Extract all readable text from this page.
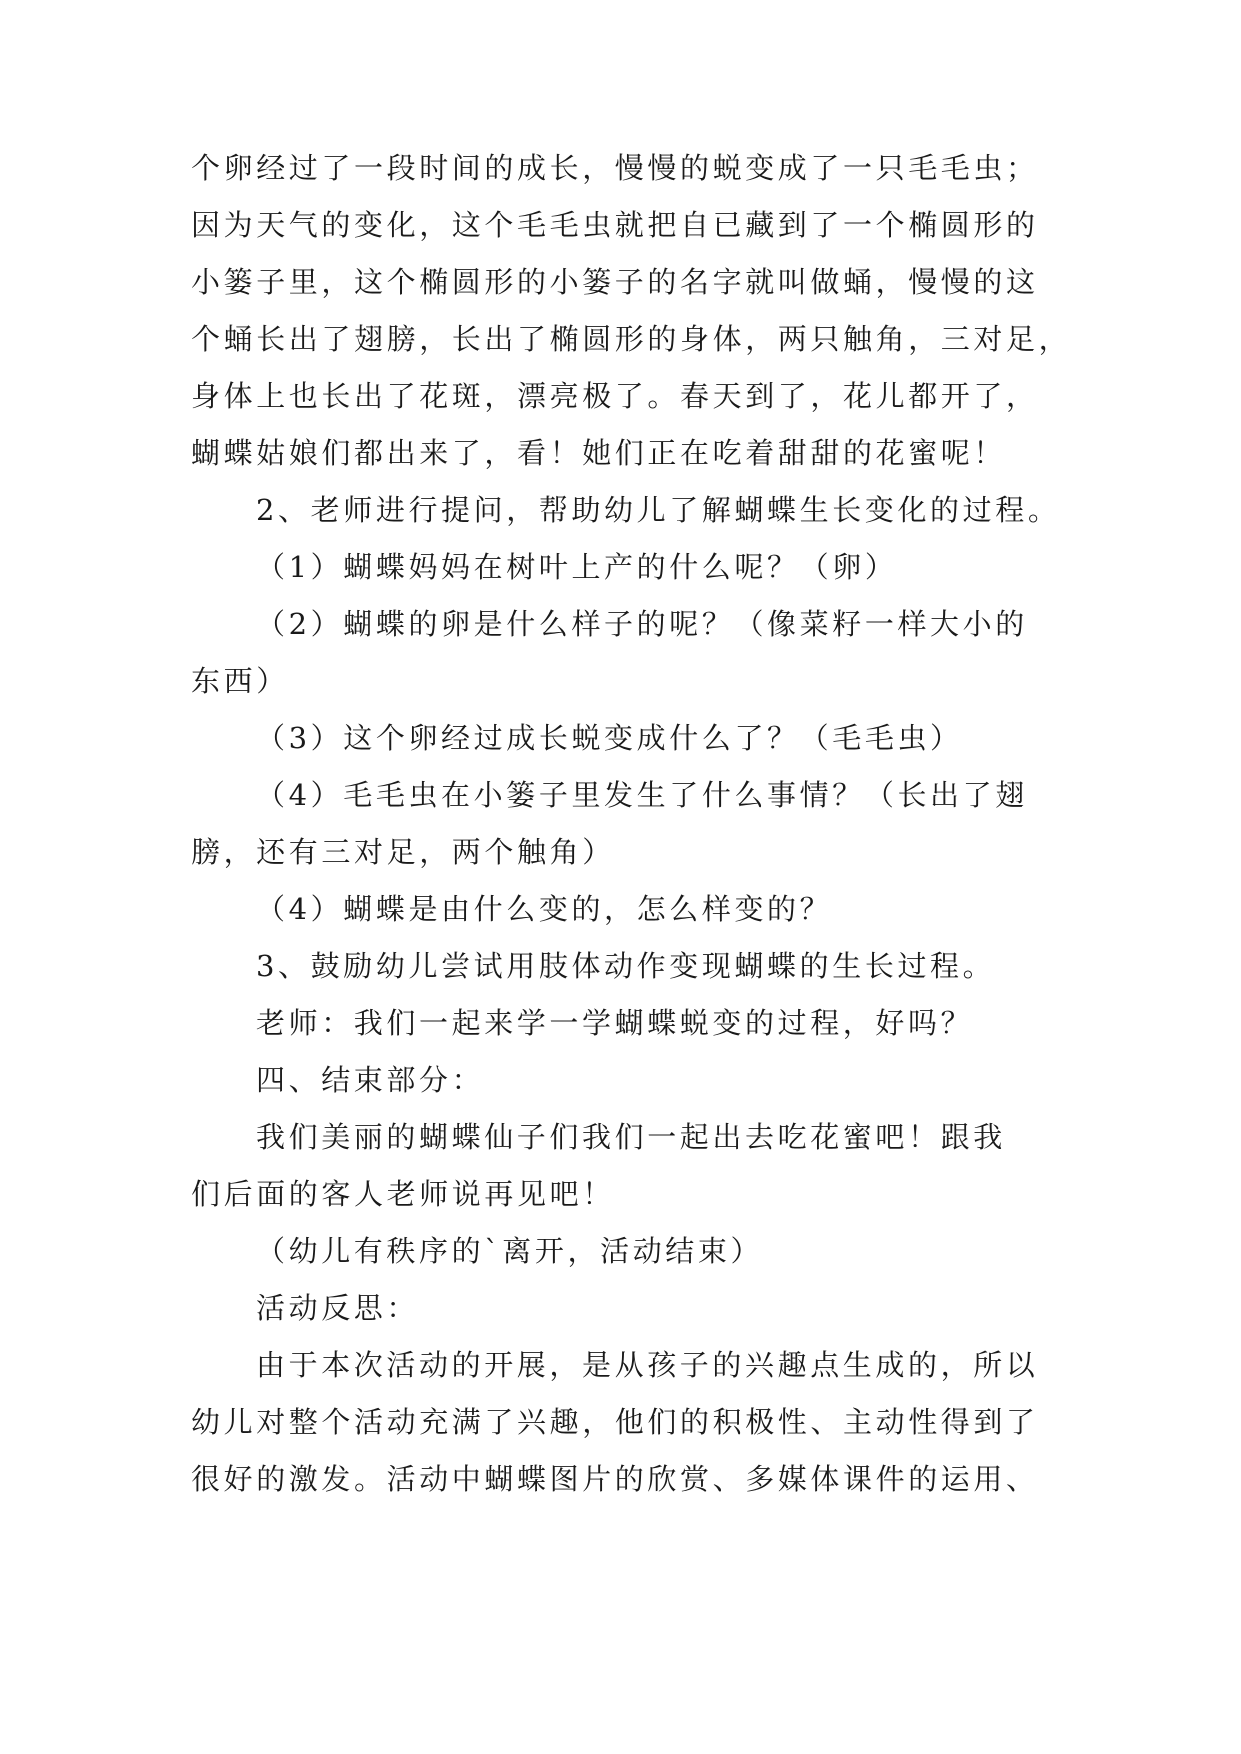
个卵经过了一段时间的成长，慢慢的蜕变成了一只毛毛虫；
因为天气的变化，这个毛毛虫就把自已藏到了一个椭圆形的
小篓子里，这个椭圆形的小篓子的名字就叫做蛹，慢慢的这
个蛹长出了翅膀，长出了椭圆形的身体，两只触角，三对足，
身体上也长出了花斑，漂亮极了。春天到了，花儿都开了，
蝴蝶姑娘们都出来了，看！她们正在吃着甜甜的花蜜呢！
2、老师进行提问，帮助幼儿了解蝴蝶生长变化的过程。
（1）蝴蝶妈妈在树叶上产的什么呢？（卵）
（2）蝴蝶的卵是什么样子的呢？（像菜籽一样大小的
东西）
（3）这个卵经过成长蜕变成什么了？（毛毛虫）
（4）毛毛虫在小篓子里发生了什么事情？（长出了翅
膀，还有三对足，两个触角）
（4）蝴蝶是由什么变的，怎么样变的？
3、鼓励幼儿尝试用肢体动作变现蝴蝶的生长过程。
老师：我们一起来学一学蝴蝶蜕变的过程，好吗？
四、结束部分：
我们美丽的蝴蝶仙子们我们一起出去吃花蜜吧！跟我
们后面的客人老师说再见吧！
（幼儿有秩序的`离开，活动结束）
活动反思：
由于本次活动的开展，是从孩子的兴趣点生成的，所以
幼儿对整个活动充满了兴趣，他们的积极性、主动性得到了
很好的激发。活动中蝴蝶图片的欣赏、多媒体课件的运用、
